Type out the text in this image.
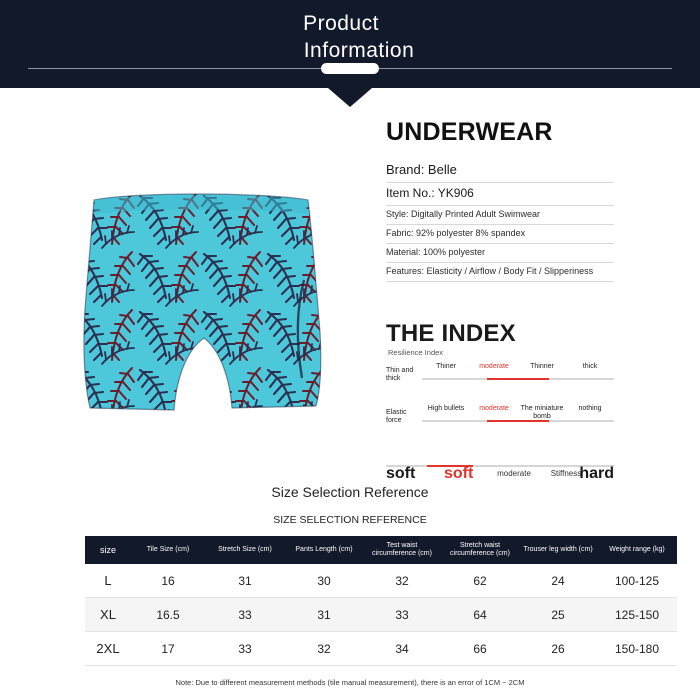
Product
Information
UNDERWEAR
Brand: Belle
Item No.: YK906
Style: Digitally Printed Adult Swimwear
Fabric: 92% polyester 8% spandex
Material: 100% polyester
Features: Elasticity / Airflow / Body Fit / Slipperiness
THE INDEX
Resilience Index
Thin and thick
Thiner	moderate	Thinner	thick
Elastic force
High bullets	moderate	The miniature bomb
nothing
soft soft	moderate	Stiffness
hard
Size Selection Reference
SIZE SELECTION REFERENCE
size	Tile Size (cm)	Stretch Size (cm)	Pants Length (cm)	Test waist circumference (cm)	Stretch waist circumference (cm)	Trouser leg width (cm)	Weight range (kg)
L	16	31	30	32	62	24	100-125
XL	16.5	33	31	33	64	25	125-150
2XL	17	33	32	34	66	26	150-180
Note: Due to different measurement methods (tile manual measurement), there is an error of 1CM ~ 2CM
